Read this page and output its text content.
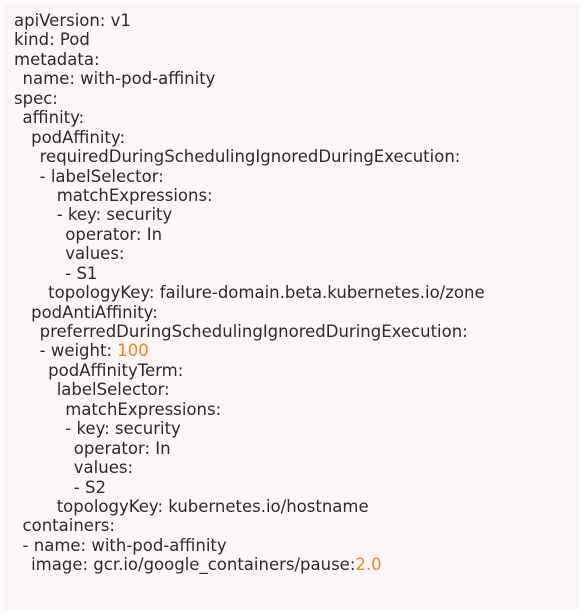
apiVersion: v1
kind: Pod
metadata:
 name: with-pod-affinity
spec:
 affinity:
   podAffinity:
     requiredDuringSchedulingIgnoredDuringExecution:
     - labelSelector:
         matchExpressions:
         - key: security
           operator: In
           values:
           - S1
       topologyKey: failure-domain.beta.kubernetes.io/zone
   podAntiAffinity:
     preferredDuringSchedulingIgnoredDuringExecution:
     - weight: 100
       podAffinityTerm:
         labelSelector:
           matchExpressions:
           - key: security
             operator: In
             values:
             - S2
         topologyKey: kubernetes.io/hostname
 containers:
 - name: with-pod-affinity
   image: gcr.io/google_containers/pause:2.0
